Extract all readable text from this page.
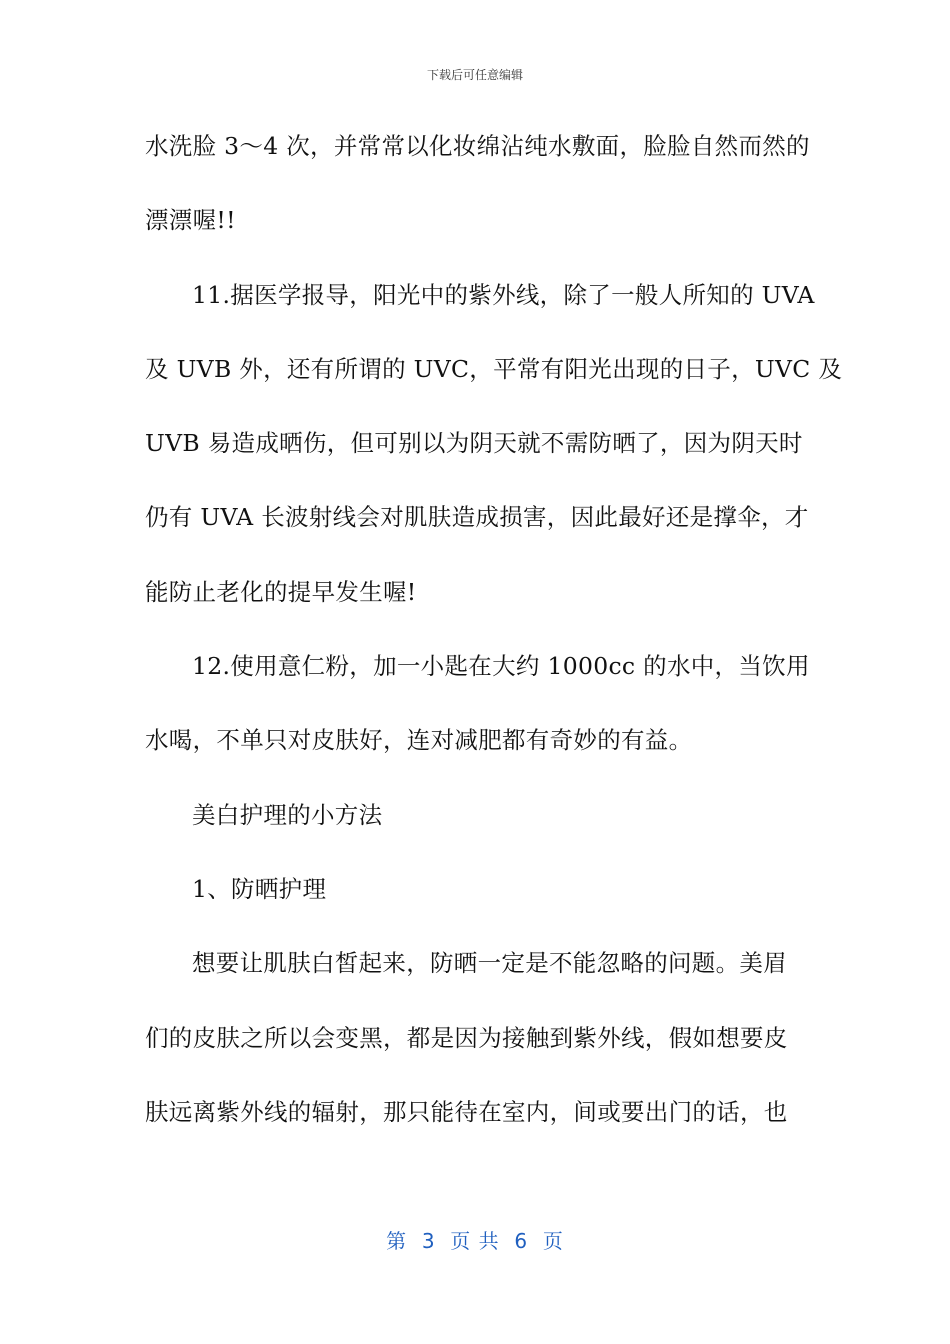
下载后可任意编辑
水洗脸 3～4 次，并常常以化妆绵沾纯水敷面，脸脸自然而然的
漂漂喔!!
11.据医学报导，阳光中的紫外线，除了一般人所知的 UVA
及 UVB 外，还有所谓的 UVC，平常有阳光出现的日子，UVC 及
UVB 易造成晒伤，但可别以为阴天就不需防晒了，因为阴天时
仍有 UVA 长波射线会对肌肤造成损害，因此最好还是撑伞，才
能防止老化的提早发生喔!
12.使用意仁粉，加一小匙在大约 1000cc 的水中，当饮用
水喝，不单只对皮肤好，连对减肥都有奇妙的有益。
美白护理的小方法
1、防晒护理
想要让肌肤白皙起来，防晒一定是不能忽略的问题。美眉
们的皮肤之所以会变黑，都是因为接触到紫外线，假如想要皮
肤远离紫外线的辐射，那只能待在室内，间或要出门的话，也
第  3  页 共  6  页
